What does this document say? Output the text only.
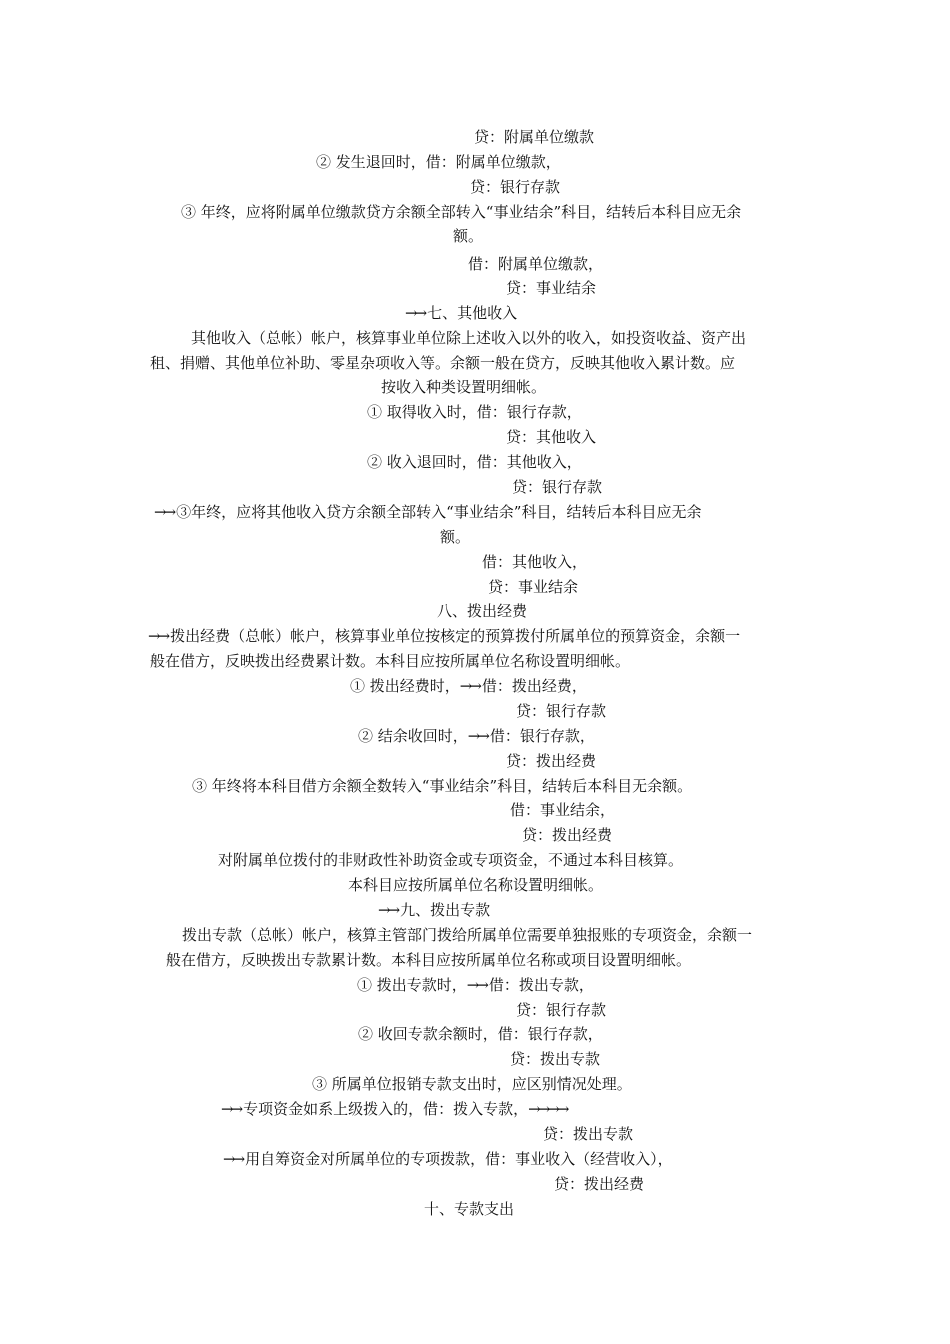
贷：附属单位缴款
② 发生退回时，借：附属单位缴款，
贷：银行存款
③ 年终，应将附属单位缴款贷方余额全部转入“事业结余”科目，结转后本科目应无余
额。
借：附属单位缴款，
贷：事业结余
→→ 七、其他收入
其他收入（总帐）帐户，核算事业单位除上述收入以外的收入，如投资收益、资产出
租、捐赠、其他单位补助、零星杂项收入等。余额一般在贷方，反映其他收入累计数。应
按收入种类设置明细帐。
① 取得收入时，借：银行存款，
贷：其他收入
② 收入退回时，借：其他收入，
贷：银行存款
→→ ③年终，应将其他收入贷方余额全部转入“事业结余”科目，结转后本科目应无余
额。
借：其他收入，
贷：事业结余
八、拨出经费
→→ 拨出经费（总帐）帐户，核算事业单位按核定的预算拨付所属单位的预算资金，余额一
般在借方，反映拨出经费累计数。本科目应按所属单位名称设置明细帐。
① 拨出经费时，→→ 借：拨出经费，
贷：银行存款
② 结余收回时，→→ 借：银行存款，
贷：拨出经费
③ 年终将本科目借方余额全数转入“事业结余”科目，结转后本科目无余额。
借：事业结余，
贷：拨出经费
对附属单位拨付的非财政性补助资金或专项资金，不通过本科目核算。
本科目应按所属单位名称设置明细帐。
→→ 九、拨出专款
拨出专款（总帐）帐户，核算主管部门拨给所属单位需要单独报账的专项资金，余额一
般在借方，反映拨出专款累计数。本科目应按所属单位名称或项目设置明细帐。
① 拨出专款时，→→ 借：拨出专款，
贷：银行存款
② 收回专款余额时，借：银行存款，
贷：拨出专款
③ 所属单位报销专款支出时，应区别情况处理。
→→ 专项资金如系上级拨入的，借：拨入专款，→→→→
贷：拨出专款
→→ 用自筹资金对所属单位的专项拨款，借：事业收入（经营收入），
贷：拨出经费
十、专款支出
